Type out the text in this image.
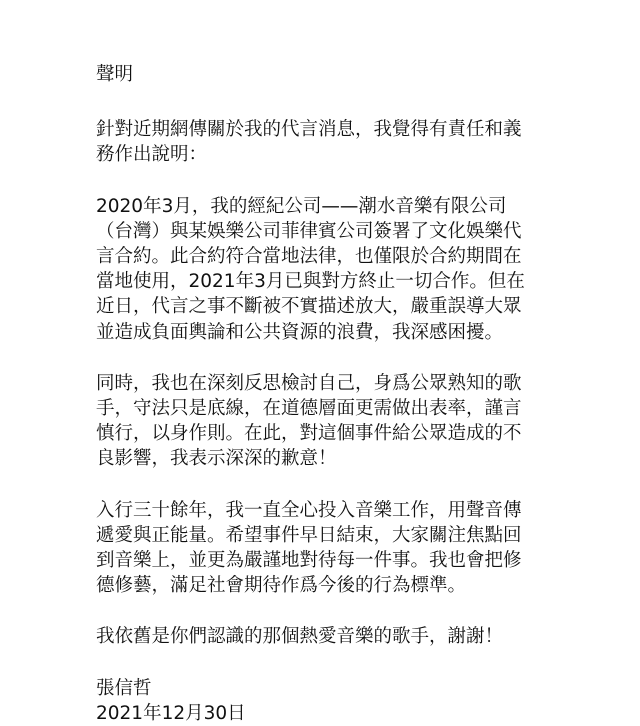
聲明

針對近期網傳關於我的代言消息，我覺得有責任和義

務作出說明：

2020年3月，我的經紀公司——潮水音樂有限公司

（台灣）與某娛樂公司菲律賓公司簽署了文化娛樂代

言合約。此合約符合當地法律，也僅限於合約期間在

當地使用，2021年3月已與對方終止一切合作。但在

近日，代言之事不斷被不實描述放大，嚴重誤導大眾

並造成負面輿論和公共資源的浪費，我深感困擾。

同時，我也在深刻反思檢討自己，身爲公眾熟知的歌

手，守法只是底線，在道德層面更需做出表率，謹言

慎行，以身作則。在此，對這個事件給公眾造成的不

良影響，我表示深深的歉意！

入行三十餘年，我一直全心投入音樂工作，用聲音傳

遞愛與正能量。希望事件早日結束，大家關注焦點回

到音樂上，並更為嚴謹地對待每一件事。我也會把修

德修藝，滿足社會期待作爲今後的行為標準。

我依舊是你們認識的那個熱愛音樂的歌手，謝謝！

張信哲

2021年12月30日
